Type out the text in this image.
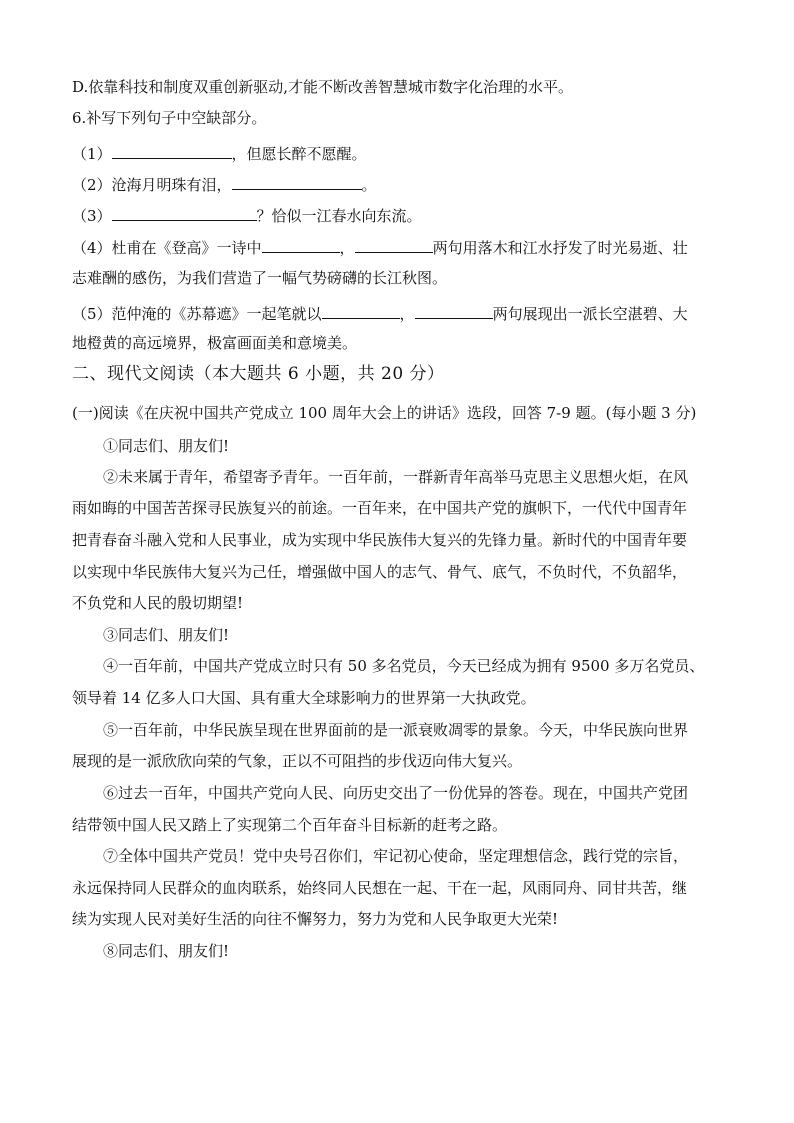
D.依靠科技和制度双重创新驱动,才能不断改善智慧城市数字化治理的水平。
6.补写下列句子中空缺部分。
（1）	，但愿长醉不愿醒。
（2）沧海月明珠有泪，	。
（3）	？恰似一江春水向东流。
（4）杜甫在《登高》一诗中	，	两句用落木和江水抒发了时光易逝、壮
志难酬的感伤，为我们营造了一幅气势磅礴的长江秋图。
（5）范仲淹的《苏幕遮》一起笔就以	，	两句展现出一派长空湛碧、大
地橙黄的高远境界，极富画面美和意境美。
二、现代文阅读（本大题共 6 小题，共 20 分）
(一)阅读《在庆祝中国共产党成立 100 周年大会上的讲话》选段，回答 7-9 题。(每小题 3 分)
①同志们、朋友们!
②未来属于青年，希望寄予青年。一百年前，一群新青年高举马克思主义思想火炬，在风
雨如晦的中国苦苦探寻民族复兴的前途。一百年来，在中国共产党的旗帜下，一代代中国青年
把青春奋斗融入党和人民事业，成为实现中华民族伟大复兴的先锋力量。新时代的中国青年要
以实现中华民族伟大复兴为己任，增强做中国人的志气、骨气、底气，不负时代，不负韶华，
不负党和人民的殷切期望!
③同志们、朋友们!
④一百年前，中国共产党成立时只有 50 多名党员，今天已经成为拥有 9500 多万名党员、
领导着 14 亿多人口大国、具有重大全球影响力的世界第一大执政党。
⑤一百年前，中华民族呈现在世界面前的是一派衰败凋零的景象。今天，中华民族向世界
展现的是一派欣欣向荣的气象，正以不可阻挡的步伐迈向伟大复兴。
⑥过去一百年，中国共产党向人民、向历史交出了一份优异的答卷。现在，中国共产党团
结带领中国人民又踏上了实现第二个百年奋斗目标新的赶考之路。
⑦全体中国共产党员！党中央号召你们，牢记初心使命，坚定理想信念，践行党的宗旨，
永远保持同人民群众的血肉联系，始终同人民想在一起、干在一起，风雨同舟、同甘共苦，继
续为实现人民对美好生活的向往不懈努力，努力为党和人民争取更大光荣!
⑧同志们、朋友们!
